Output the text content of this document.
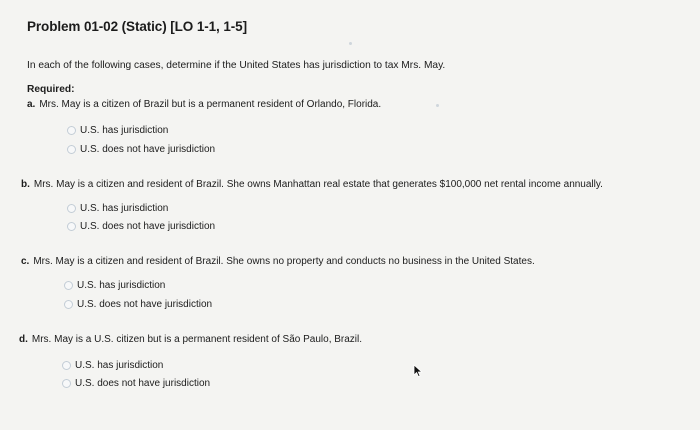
Problem 01-02 (Static) [LO 1-1, 1-5]
In each of the following cases, determine if the United States has jurisdiction to tax Mrs. May.
Required:
a. Mrs. May is a citizen of Brazil but is a permanent resident of Orlando, Florida.
U.S. has jurisdiction
U.S. does not have jurisdiction
b. Mrs. May is a citizen and resident of Brazil. She owns Manhattan real estate that generates $100,000 net rental income annually.
U.S. has jurisdiction
U.S. does not have jurisdiction
c. Mrs. May is a citizen and resident of Brazil. She owns no property and conducts no business in the United States.
U.S. has jurisdiction
U.S. does not have jurisdiction
d. Mrs. May is a U.S. citizen but is a permanent resident of São Paulo, Brazil.
U.S. has jurisdiction
U.S. does not have jurisdiction
